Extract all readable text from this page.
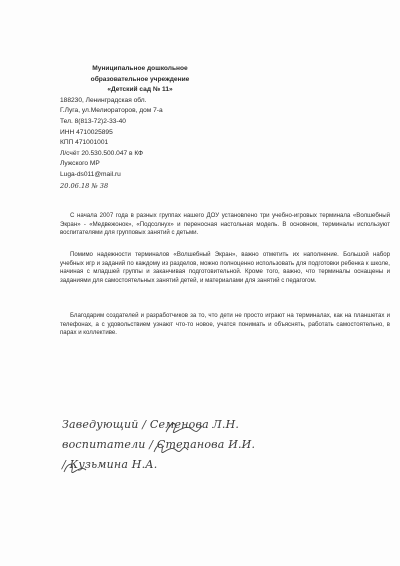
Муниципальное дошкольное
образовательное учреждение
«Детский сад № 11»
188230, Ленинградская обл.
Г.Луга, ул.Мелиораторов, дом 7-а
Тел. 8(813-72)2-33-40
ИНН 4710025895
КПП 471001001
Л/счёт 20.530.500.047 в КФ
Лужского МР
Luga-ds011@mail.ru
20.06.18 № 38

С начала 2007 года в разных группах нашего ДОУ установлено три учебно-игровых терминала «Волшебный Экран» - «Медвежонок», «Подсолнух» и переносная настольная модель. В основном, терминалы используют воспитателями для групповых занятий с детьми.

Помимо надежности терминалов «Волшебный Экран», важно отметить их наполнение. Большой набор учебных игр и заданий по каждому из разделов, можно полноценно использовать для подготовки ребенка к школе, начиная с младшей группы и заканчивая подготовительной. Кроме того, важно, что терминалы оснащены и заданиями для самостоятельных занятий детей, и материалами для занятий с педагогом.

Благодарим создателей и разработчиков за то, что дети не просто играют на терминалах, как на планшетах и телефонах, а с удовольствием узнают что-то новое, учатся понимать и объяснять, работать самостоятельно, в парах и коллективе.

Заведующий / Семенова Л.Н.
воспитатели / Степанова И.И.
/ Кузьмина Н.А.
